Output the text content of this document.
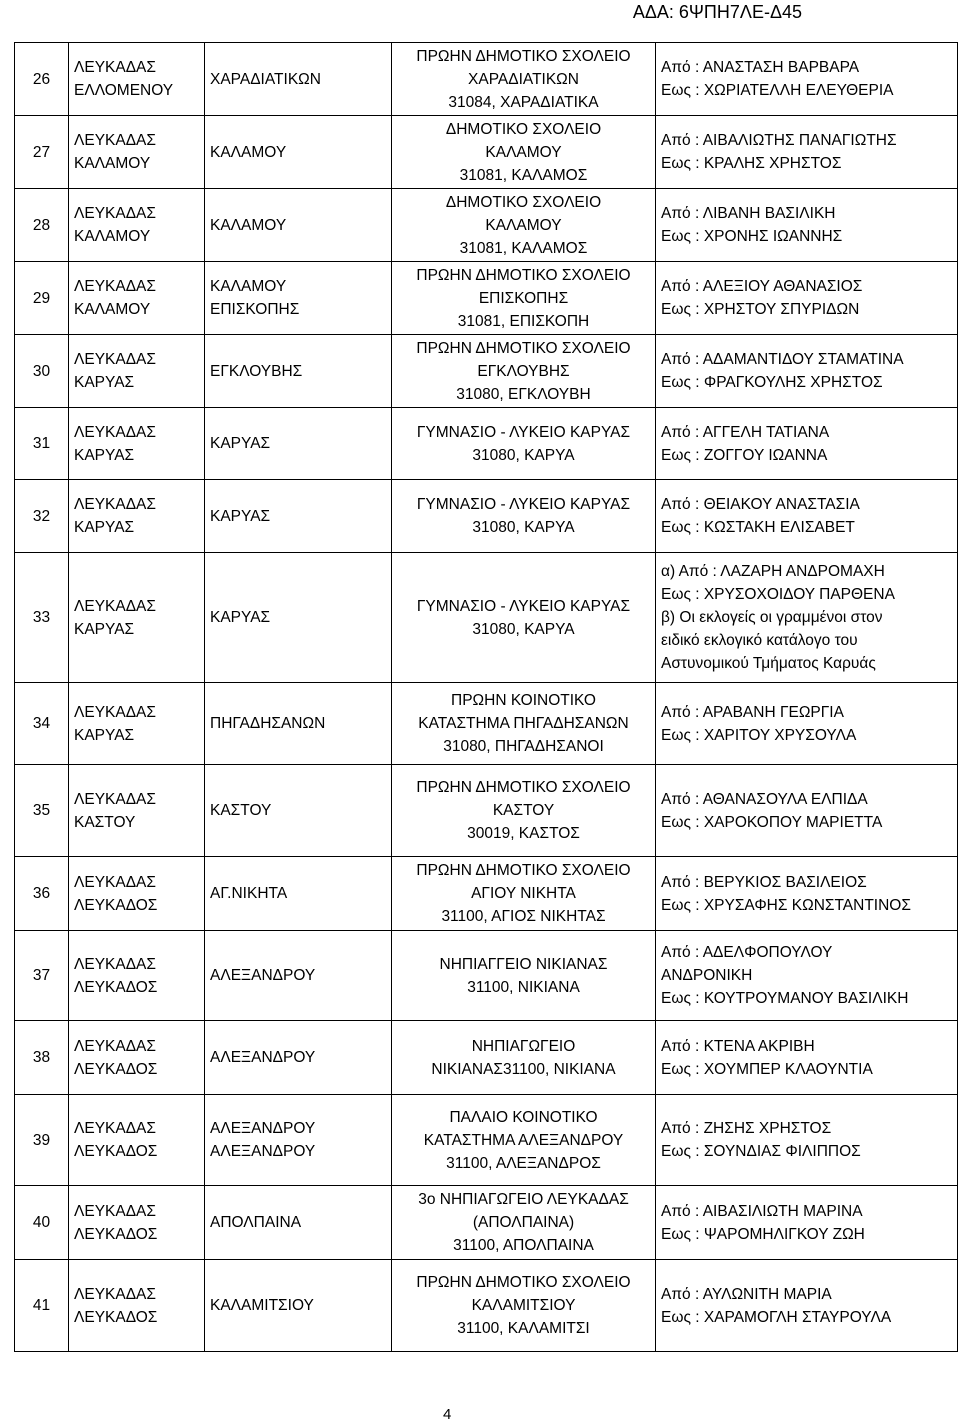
ΑΔΑ: 6ΨΠΗ7ΛΕ-Δ45
26	ΛΕΥΚΑΔΑΣ
ΕΛΛΟΜΕΝΟΥ	ΧΑΡΑΔΙΑΤΙΚΩΝ	ΠΡΩΗΝ ΔΗΜΟΤΙΚΟ ΣΧΟΛΕΙΟ
ΧΑΡΑΔΙΑΤΙΚΩΝ
31084, ΧΑΡΑΔΙΑΤΙΚΑ	Από : ΑΝΑΣΤΑΣΗ ΒΑΡΒΑΡΑ
Εως : ΧΩΡΙΑΤΕΛΛΗ ΕΛΕΥΘΕΡΙΑ

27	ΛΕΥΚΑΔΑΣ
ΚΑΛΑΜΟΥ	ΚΑΛΑΜΟΥ	ΔΗΜΟΤΙΚΟ ΣΧΟΛΕΙΟ
ΚΑΛΑΜΟΥ
31081, ΚΑΛΑΜΟΣ	Από : ΑΙΒΑΛΙΩΤΗΣ ΠΑΝΑΓΙΩΤΗΣ
Εως : ΚΡΑΛΗΣ ΧΡΗΣΤΟΣ

28	ΛΕΥΚΑΔΑΣ
ΚΑΛΑΜΟΥ	ΚΑΛΑΜΟΥ	ΔΗΜΟΤΙΚΟ ΣΧΟΛΕΙΟ
ΚΑΛΑΜΟΥ
31081, ΚΑΛΑΜΟΣ	Από : ΛΙΒΑΝΗ ΒΑΣΙΛΙΚΗ
Εως : ΧΡΟΝΗΣ ΙΩΑΝΝΗΣ

29	ΛΕΥΚΑΔΑΣ
ΚΑΛΑΜΟΥ	ΚΑΛΑΜΟΥ
ΕΠΙΣΚΟΠΗΣ	ΠΡΩΗΝ ΔΗΜΟΤΙΚΟ ΣΧΟΛΕΙΟ
ΕΠΙΣΚΟΠΗΣ
31081, ΕΠΙΣΚΟΠΗ	Από : ΑΛΕΞΙΟΥ ΑΘΑΝΑΣΙΟΣ
Εως : ΧΡΗΣΤΟΥ ΣΠΥΡΙΔΩΝ

30	ΛΕΥΚΑΔΑΣ
ΚΑΡΥΑΣ	ΕΓΚΛΟΥΒΗΣ	ΠΡΩΗΝ ΔΗΜΟΤΙΚΟ ΣΧΟΛΕΙΟ
ΕΓΚΛΟΥΒΗΣ
31080, ΕΓΚΛΟΥΒΗ	Από : ΑΔΑΜΑΝΤΙΔΟΥ ΣΤΑΜΑΤΙΝΑ
Εως : ΦΡΑΓΚΟΥΛΗΣ ΧΡΗΣΤΟΣ

31	ΛΕΥΚΑΔΑΣ
ΚΑΡΥΑΣ	ΚΑΡΥΑΣ	ΓΥΜΝΑΣΙΟ - ΛΥΚΕΙΟ ΚΑΡΥΑΣ
31080, ΚΑΡΥΑ	Από : ΑΓΓΕΛΗ ΤΑΤΙΑΝΑ
Εως : ΖΟΓΓΟΥ ΙΩΑΝΝΑ

32	ΛΕΥΚΑΔΑΣ
ΚΑΡΥΑΣ	ΚΑΡΥΑΣ	ΓΥΜΝΑΣΙΟ - ΛΥΚΕΙΟ ΚΑΡΥΑΣ
31080, ΚΑΡΥΑ	Από : ΘΕΙΑΚΟΥ ΑΝΑΣΤΑΣΙΑ
Εως : ΚΩΣΤΑΚΗ ΕΛΙΣΑΒΕΤ

33	ΛΕΥΚΑΔΑΣ
ΚΑΡΥΑΣ	ΚΑΡΥΑΣ	ΓΥΜΝΑΣΙΟ - ΛΥΚΕΙΟ ΚΑΡΥΑΣ
31080, ΚΑΡΥΑ	α) Από : ΛΑΖΑΡΗ ΑΝΔΡΟΜΑΧΗ
Εως : ΧΡΥΣΟΧΟΙΔΟΥ ΠΑΡΘΕΝΑ
β) Οι εκλογείς οι γραμμένοι στον
ειδικό εκλογικό κατάλογο του
Αστυνομικού Τμήματος Καρυάς

34	ΛΕΥΚΑΔΑΣ
ΚΑΡΥΑΣ	ΠΗΓΑΔΗΣΑΝΩΝ	ΠΡΩΗΝ ΚΟΙΝΟΤΙΚΟ
ΚΑΤΑΣΤΗΜΑ ΠΗΓΑΔΗΣΑΝΩΝ
31080, ΠΗΓΑΔΗΣΑΝΟΙ	Από : ΑΡΑΒΑΝΗ ΓΕΩΡΓΙΑ
Εως : ΧΑΡΙΤΟΥ ΧΡΥΣΟΥΛΑ

35	ΛΕΥΚΑΔΑΣ
ΚΑΣΤΟΥ	ΚΑΣΤΟΥ	ΠΡΩΗΝ ΔΗΜΟΤΙΚΟ ΣΧΟΛΕΙΟ
ΚΑΣΤΟΥ
30019, ΚΑΣΤΟΣ	Από : ΑΘΑΝΑΣΟΥΛΑ ΕΛΠΙΔΑ
Εως : ΧΑΡΟΚΟΠΟΥ ΜΑΡΙΕΤΤΑ

36	ΛΕΥΚΑΔΑΣ
ΛΕΥΚΑΔΟΣ	ΑΓ.ΝΙΚΗΤΑ	ΠΡΩΗΝ ΔΗΜΟΤΙΚΟ ΣΧΟΛΕΙΟ
ΑΓΙΟΥ ΝΙΚΗΤΑ
31100, ΑΓΙΟΣ ΝΙΚΗΤΑΣ	Από : ΒΕΡΥΚΙΟΣ ΒΑΣΙΛΕΙΟΣ
Εως : ΧΡΥΣΑΦΗΣ ΚΩΝΣΤΑΝΤΙΝΟΣ

37	ΛΕΥΚΑΔΑΣ
ΛΕΥΚΑΔΟΣ	ΑΛΕΞΑΝΔΡΟΥ	ΝΗΠΙΑΓΓΕΙΟ ΝΙΚΙΑΝΑΣ
31100, ΝΙΚΙΑΝΑ	Από : ΑΔΕΛΦΟΠΟΥΛΟΥ
ΑΝΔΡΟΝΙΚΗ
Εως : ΚΟΥΤΡΟΥΜΑΝΟΥ ΒΑΣΙΛΙΚΗ

38	ΛΕΥΚΑΔΑΣ
ΛΕΥΚΑΔΟΣ	ΑΛΕΞΑΝΔΡΟΥ	ΝΗΠΙΑΓΩΓΕΙΟ
ΝΙΚΙΑΝΑΣ31100, ΝΙΚΙΑΝΑ	Από : ΚΤΕΝΑ ΑΚΡΙΒΗ
Εως : ΧΟΥΜΠΕΡ ΚΛΑΟΥΝΤΙΑ

39	ΛΕΥΚΑΔΑΣ
ΛΕΥΚΑΔΟΣ	ΑΛΕΞΑΝΔΡΟΥ
ΑΛΕΞΑΝΔΡΟΥ	ΠΑΛΑΙΟ ΚΟΙΝΟΤΙΚΟ
ΚΑΤΑΣΤΗΜΑ ΑΛΕΞΑΝΔΡΟΥ
31100, ΑΛΕΞΑΝΔΡΟΣ	Από : ΖΗΣΗΣ ΧΡΗΣΤΟΣ
Εως : ΣΟΥΝΔΙΑΣ ΦΙΛΙΠΠΟΣ

40	ΛΕΥΚΑΔΑΣ
ΛΕΥΚΑΔΟΣ	ΑΠΟΛΠΑΙΝΑ	3ο ΝΗΠΙΑΓΩΓΕΙΟ ΛΕΥΚΑΔΑΣ
(ΑΠΟΛΠΑΙΝΑ)
31100, ΑΠΟΛΠΑΙΝΑ	Από : ΑΙΒΑΣΙΛΙΩΤΗ ΜΑΡΙΝΑ
Εως : ΨΑΡΟΜΗΛΙΓΚΟΥ ΖΩΗ

41	ΛΕΥΚΑΔΑΣ
ΛΕΥΚΑΔΟΣ	ΚΑΛΑΜΙΤΣΙΟΥ	ΠΡΩΗΝ ΔΗΜΟΤΙΚΟ ΣΧΟΛΕΙΟ
ΚΑΛΑΜΙΤΣΙΟΥ
31100, ΚΑΛΑΜΙΤΣΙ	Από : ΑΥΛΩΝΙΤΗ ΜΑΡΙΑ
Εως : ΧΑΡΑΜΟΓΛΗ ΣΤΑΥΡΟΥΛΑ
4
